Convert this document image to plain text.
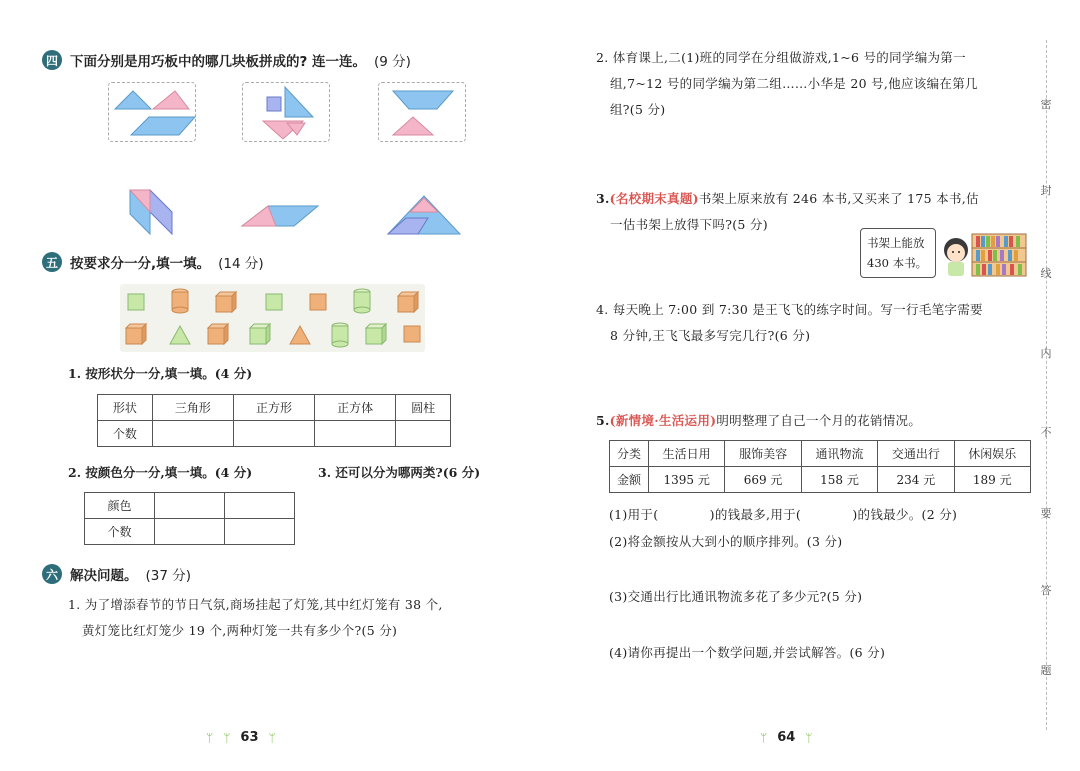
四 下面分别是用巧板中的哪几块板拼成的? 连一连。 (9 分)
五 按要求分一分,填一填。 (14 分)
1. 按形状分一分,填一填。(4 分)
形状	三角形	正方形	正方体	圆柱
个数				
2. 按颜色分一分,填一填。(4 分)	3. 还可以分为哪两类?(6 分)
颜色		
个数		
六 解决问题。 (37 分)
1. 为了增添春节的节日气氛,商场挂起了灯笼,其中红灯笼有 38 个,
黄灯笼比红灯笼少 19 个,两种灯笼一共有多少个?(5 分)
ᛘ ᛘ 63 ᛘ
2. 体育课上,二(1)班的同学在分组做游戏,1~6 号的同学编为第一
组,7~12 号的同学编为第二组……小华是 20 号,他应该编在第几
组?(5 分)
3.(名校期末真题)书架上原来放有 246 本书,又买来了 175 本书,估
一估书架上放得下吗?(5 分)
书架上能放
430 本书。
4. 每天晚上 7:00 到 7:30 是王飞飞的练字时间。写一行毛笔字需要
8 分钟,王飞飞最多写完几行?(6 分)
5.(新情境·生活运用)明明整理了自己一个月的花销情况。
分类	生活日用	服饰美容	通讯物流	交通出行	休闲娱乐
金额	1395 元	669 元	158 元	234 元	189 元
(1)用于(            )的钱最多,用于(            )的钱最少。(2 分)
(2)将金额按从大到小的顺序排列。(3 分)
(3)交通出行比通讯物流多花了多少元?(5 分)
(4)请你再提出一个数学问题,并尝试解答。(6 分)
ᛘ 64 ᛘ
密
封
线
内
不
要
答
题
